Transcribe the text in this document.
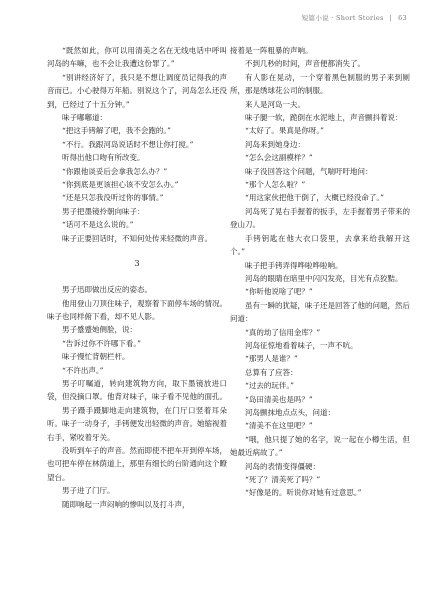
短篇小说 · Short Stories | 63

“既然如此，你可以用清美之名在无线电话中呼叫河岛的车嘛，也不会让我遭这份罪了。”

“别讲经济好了，我只是不想让调度员记得我的声音而已。小心驶得万年船。别说这个了，河岛怎么还没到，已经过了十五分钟。”

味子嘟嘟道：

“把这手铐解了吧，我不会跑的。”

“不行。我跟河岛说话时不想让你打搅。”

听得出他口吻有所改变。

“你跟他谈妥后会拿我怎么办？”

“你到底是更该担心该不安怎么办。”

“还是只怎我没听过你的事情。”

男子把墨镜拎朝向味子：

“话可不是这么说的。”

味子正要回话时，不知何处传来轻微的声音。

3

男子迅即做出反应的姿态。

他用登山刀顶住味子，观察着下面停车场的情况。味子也同样俯下看，却不见人影。

男子蹙蹙她侧脸，说：

“告诉过你不许哪下看。”

味子慢忙背朝栏杆。

“不许出声。”

男子叮嘱道，转向建筑物方向，取下墨镜放进口袋，但没摘口罩。他背对味子，味子看不见他的面孔。

男子蹑手蹑脚地走向建筑物，在门厅口竖着耳朵听。味子一动身子，手铐便发出轻微的声音。她缩视着右手，紧咬着牙关。

没听到车子的声音。然而即使不把车开到停车场，也可把车停在林荫道上，那里有细长的台阶通向这个瞭望台。

男子进了门厅。

随即响起一声闷响的惨叫以及打斗声，

接着是一阵粗暴的声响。

不到几秒的时间，声音便都消失了。

有人影在晃动，一个穿着黑色制服的男子来到厕所，那是绣球花公司的制服。

来人是河岛一夫。

味子腿一软，跪倒在水泥地上，声音颤抖着说：

“太好了。果真是你呀。”

河岛来到她身边：

“怎么会这副模样？”

味子没回答这个问题，气喘吁吁地问：

“那个人怎么啦？”

“用这家伙把他干倒了，大概已经没命了。”

河岛死了晃右手握着的扳手，左手握着男子带来的登山刀。

手铐钥匙在他大衣口袋里，去拿来给我解开这个。”

味子把手铐弄得哗啦哗啦响。

河岛的眼睛在暗里中闪闪发亮，目光有点狡黠。

“你听他说啥了吧？”

虽有一瞬的犹疑，味子还是回答了他的问题，然后问道：

“真的劫了信用金库？”

河岛征惊地看着味子，一声不吭。

“那男人是谁？”

总算有了应答：

“过去的玩伴。”

“岛田清美也是吗？”

河岛颤抹地点点头，问道：

“清美不在这里吧？”

“哦，他只提了她的名字，说一起在小樽生活，但她最近病故了。”

河岛的表情变得僵硬：

“死了？清美死了吗？”

“好像是的。听说你对她有过意思。”
